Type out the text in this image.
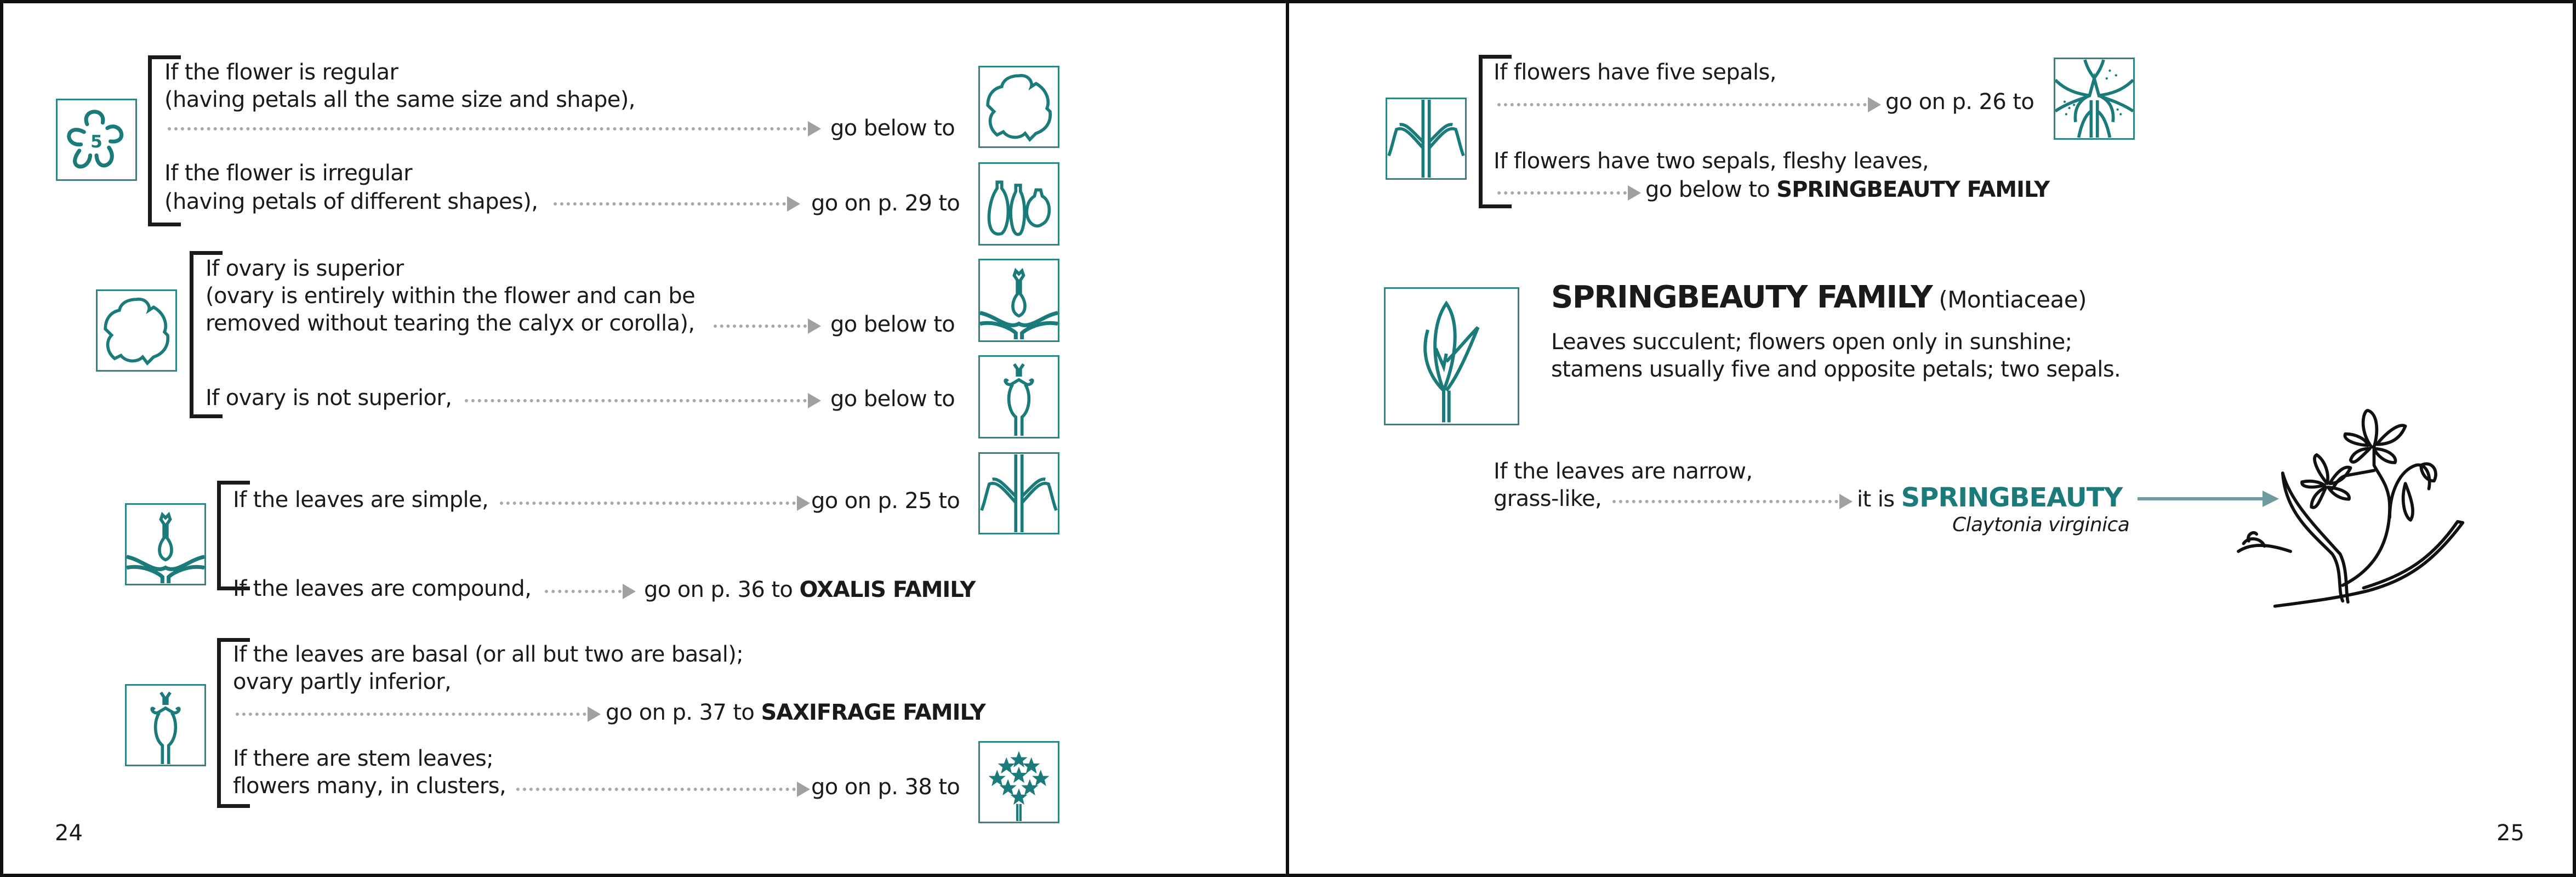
5
If the flower is regular
(having petals all the same size and shape),
go below to
If the flower is irregular
(having petals of different shapes),	go on p. 29 to
If ovary is superior
(ovary is entirely within the flower and can be
removed without tearing the calyx or corolla),	go below to
If ovary is not superior,	go below to
If the leaves are simple,	go on p. 25 to
If the leaves are compound,	go on p. 36 to OXALIS FAMILY
If the leaves are basal (or all but two are basal);
ovary partly inferior,
go on p. 37 to SAXIFRAGE FAMILY
If there are stem leaves;
flowers many, in clusters,	go on p. 38 to
24
If flowers have five sepals,
go on p. 26 to
If flowers have two sepals, fleshy leaves,
go below to SPRINGBEAUTY FAMILY
SPRINGBEAUTY FAMILY (Montiaceae)
Leaves succulent; flowers open only in sunshine;
stamens usually five and opposite petals; two sepals.
If the leaves are narrow,
grass-like,	it is SPRINGBEAUTY
Claytonia virginica
25
